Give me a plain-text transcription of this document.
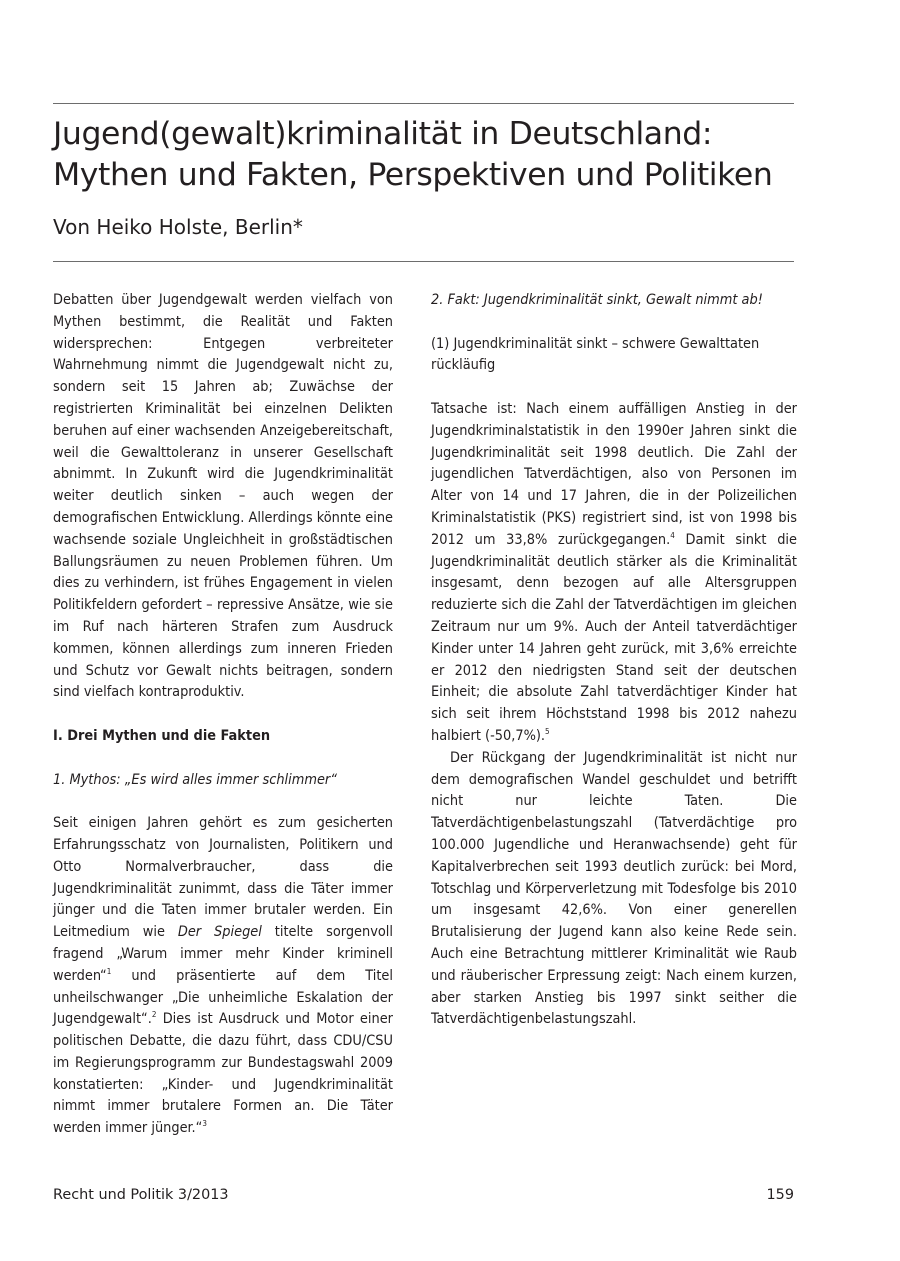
Jugend(gewalt)kriminalität in Deutschland:
Mythen und Fakten, Perspektiven und Politiken

Von Heiko Holste, Berlin*

Debatten über Jugendgewalt werden vielfach von Mythen bestimmt, die Realität und Fakten widersprechen: Entgegen verbreiteter Wahrnehmung nimmt die Jugendgewalt nicht zu, sondern seit 15 Jahren ab; Zuwächse der registrierten Kriminalität bei einzelnen Delikten beruhen auf einer wachsenden Anzeigebereitschaft, weil die Gewalttoleranz in unserer Gesellschaft abnimmt. In Zukunft wird die Jugendkriminalität weiter deutlich sinken – auch wegen der demografischen Entwicklung. Allerdings könnte eine wachsende soziale Ungleichheit in großstädtischen Ballungsräumen zu neuen Problemen führen. Um dies zu verhindern, ist frühes Engagement in vielen Politikfeldern gefordert – repressive Ansätze, wie sie im Ruf nach härteren Strafen zum Ausdruck kommen, können allerdings zum inneren Frieden und Schutz vor Gewalt nichts beitragen, sondern sind vielfach kontraproduktiv.

I. Drei Mythen und die Fakten
1. Mythos: „Es wird alles immer schlimmer“

Seit einigen Jahren gehört es zum gesicherten Erfahrungsschatz von Journalisten, Politikern und Otto Normalverbraucher, dass die Jugendkriminalität zunimmt, dass die Täter immer jünger und die Taten immer brutaler werden. Ein Leitmedium wie Der Spiegel titelte sorgenvoll fragend „Warum immer mehr Kinder kriminell werden“$^1$ und präsentierte auf dem Titel unheilschwanger „Die unheimliche Eskalation der Jugendgewalt“.$^2$ Dies ist Ausdruck und Motor einer politischen Debatte, die dazu führt, dass CDU/CSU im Regierungsprogramm zur Bundestagswahl 2009 konstatierten: „Kinder- und Jugendkriminalität nimmt immer brutalere Formen an. Die Täter werden immer jünger.“$^3$

2. Fakt: Jugendkriminalität sinkt, Gewalt nimmt ab!
(1) Jugendkriminalität sinkt – schwere Gewalttaten rückläufig

Tatsache ist: Nach einem auffälligen Anstieg in der Jugendkriminalstatistik in den 1990er Jahren sinkt die Jugendkriminalität seit 1998 deutlich. Die Zahl der jugendlichen Tatverdächtigen, also von Personen im Alter von 14 und 17 Jahren, die in der Polizeilichen Kriminalstatistik (PKS) registriert sind, ist von 1998 bis 2012 um 33,8% zurückgegangen.$^4$ Damit sinkt die Jugendkriminalität deutlich stärker als die Kriminalität insgesamt, denn bezogen auf alle Altersgruppen reduzierte sich die Zahl der Tatverdächtigen im gleichen Zeitraum nur um 9%. Auch der Anteil tatverdächtiger Kinder unter 14 Jahren geht zurück, mit 3,6% erreichte er 2012 den niedrigsten Stand seit der deutschen Einheit; die absolute Zahl tatverdächtiger Kinder hat sich seit ihrem Höchststand 1998 bis 2012 nahezu halbiert (-50,7%).$^5$

Der Rückgang der Jugendkriminalität ist nicht nur dem demografischen Wandel geschuldet und betrifft nicht nur leichte Taten. Die Tatverdächtigenbelastungszahl (Tatverdächtige pro 100.000 Jugendliche und Heranwachsende) geht für Kapitalverbrechen seit 1993 deutlich zurück: bei Mord, Totschlag und Körperverletzung mit Todesfolge bis 2010 um insgesamt 42,6%. Von einer generellen Brutalisierung der Jugend kann also keine Rede sein. Auch eine Betrachtung mittlerer Kriminalität wie Raub und räuberischer Erpressung zeigt: Nach einem kurzen, aber starken Anstieg bis 1997 sinkt seither die Tatverdächtigenbelastungszahl.

Recht und Politik 3/2013	159
